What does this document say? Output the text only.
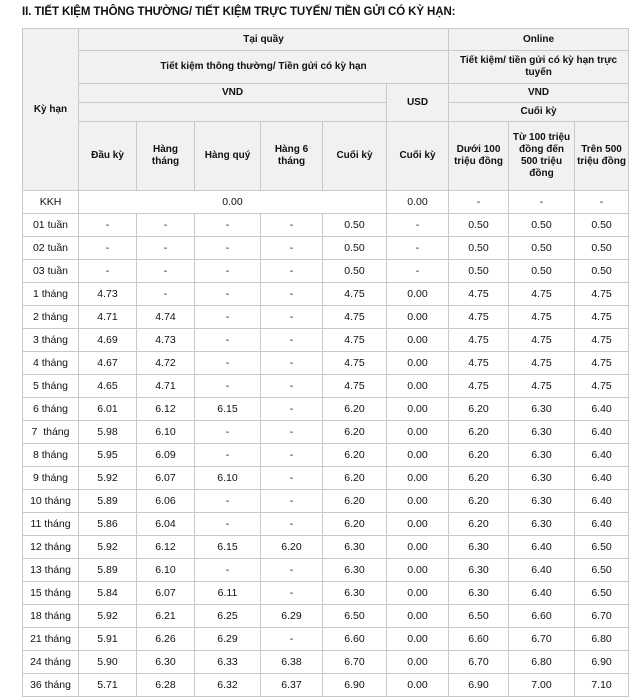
II. TIẾT KIỆM THÔNG THƯỜNG/ TIẾT KIỆM TRỰC TUYẾN/ TIỀN GỬI CÓ KỲ HẠN:
Kỳ hạn	Tại quầy						Online		
	Tiết kiệm thông thường/ Tiền gửi có kỳ hạn						Tiết kiệm/ tiền gửi có kỳ hạn trực tuyến		
	VND					USD	VND		
							Cuối kỳ		
	Đầu kỳ	Hàng tháng	Hàng quý	Hàng 6 tháng	Cuối kỳ	Cuối kỳ	Dưới 100 triệu đồng	Từ 100 triệu đồng đến 500 triệu đồng	Trên 500 triệu đồng
KKH	0.00					0.00	-	-	-
01 tuần	-	-	-	-	0.50	-	0.50	0.50	0.50
02 tuần	-	-	-	-	0.50	-	0.50	0.50	0.50
03 tuần	-	-	-	-	0.50	-	0.50	0.50	0.50
1 tháng	4.73	-	-	-	4.75	0.00	4.75	4.75	4.75
2 tháng	4.71	4.74	-	-	4.75	0.00	4.75	4.75	4.75
3 tháng	4.69	4.73	-	-	4.75	0.00	4.75	4.75	4.75
4 tháng	4.67	4.72	-	-	4.75	0.00	4.75	4.75	4.75
5 tháng	4.65	4.71	-	-	4.75	0.00	4.75	4.75	4.75
6 tháng	6.01	6.12	6.15	-	6.20	0.00	6.20	6.30	6.40
7  tháng	5.98	6.10	-	-	6.20	0.00	6.20	6.30	6.40
8 tháng	5.95	6.09	-	-	6.20	0.00	6.20	6.30	6.40
9 tháng	5.92	6.07	6.10	-	6.20	0.00	6.20	6.30	6.40
10 tháng	5.89	6.06	-	-	6.20	0.00	6.20	6.30	6.40
11 tháng	5.86	6.04	-	-	6.20	0.00	6.20	6.30	6.40
12 tháng	5.92	6.12	6.15	6.20	6.30	0.00	6.30	6.40	6.50
13 tháng	5.89	6.10	-	-	6.30	0.00	6.30	6.40	6.50
15 tháng	5.84	6.07	6.11	-	6.30	0.00	6.30	6.40	6.50
18 tháng	5.92	6.21	6.25	6.29	6.50	0.00	6.50	6.60	6.70
21 tháng	5.91	6.26	6.29	-	6.60	0.00	6.60	6.70	6.80
24 tháng	5.90	6.30	6.33	6.38	6.70	0.00	6.70	6.80	6.90
36 tháng	5.71	6.28	6.32	6.37	6.90	0.00	6.90	7.00	7.10
